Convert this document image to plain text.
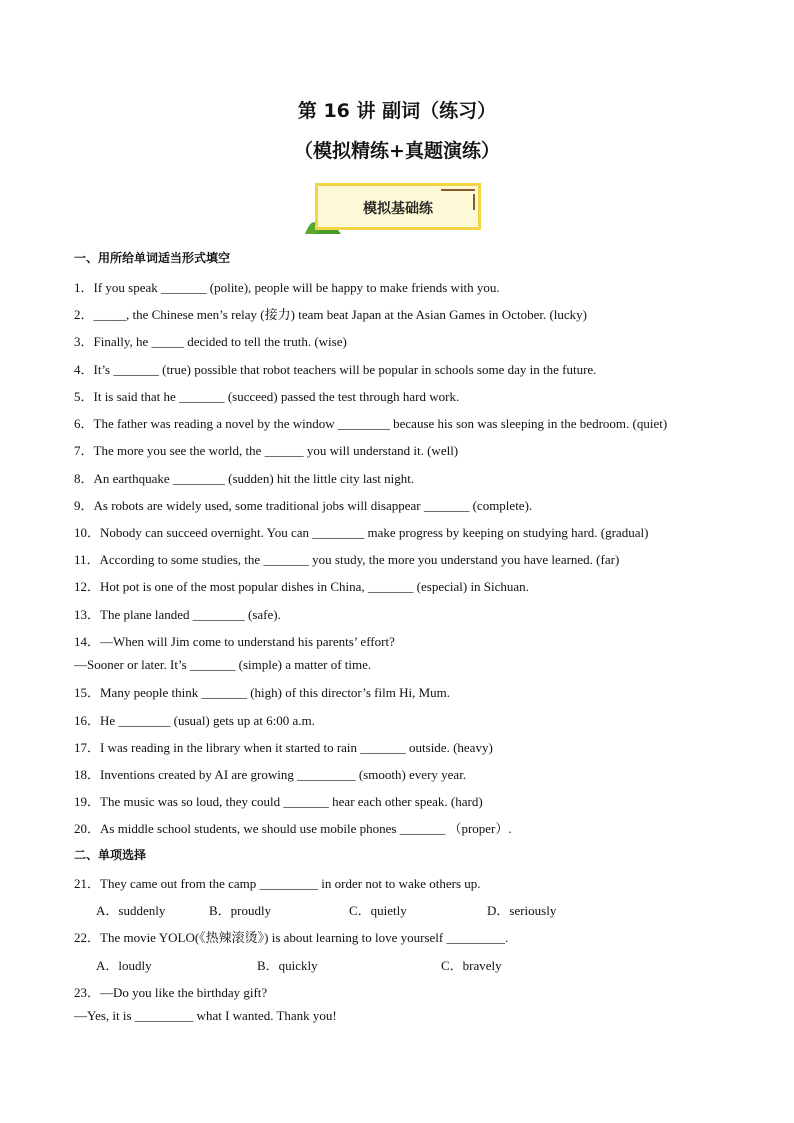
第 16 讲 副词（练习）
（模拟精练+真题演练）
模拟基础练
一、用所给单词适当形式填空
1．If you speak _______ (polite), people will be happy to make friends with you.
2．_____, the Chinese men’s relay (接力) team beat Japan at the Asian Games in October. (lucky)
3．Finally, he _____ decided to tell the truth. (wise)
4．It’s _______ (true) possible that robot teachers will be popular in schools some day in the future.
5．It is said that he _______ (succeed) passed the test through hard work.
6．The father was reading a novel by the window ________ because his son was sleeping in the bedroom. (quiet)
7．The more you see the world, the ______ you will understand it. (well)
8．An earthquake ________ (sudden) hit the little city last night.
9．As robots are widely used, some traditional jobs will disappear _______ (complete).
10．Nobody can succeed overnight. You can ________ make progress by keeping on studying hard. (gradual)
11．According to some studies, the _______ you study, the more you understand you have learned. (far)
12．Hot pot is one of the most popular dishes in China, _______ (especial) in Sichuan.
13．The plane landed ________ (safe).
14．—When will Jim come to understand his parents’ effort?
—Sooner or later. It’s _______ (simple) a matter of time.
15．Many people think _______ (high) of this director’s film Hi, Mum.
16．He ________ (usual) gets up at 6:00 a.m.
17．I was reading in the library when it started to rain _______ outside. (heavy)
18．Inventions created by AI are growing _________ (smooth) every year.
19．The music was so loud, they could _______ hear each other speak. (hard)
20．As middle school students, we should use mobile phones _______ （proper）.
二、单项选择
21．They came out from the camp _________ in order not to wake others up.
A．suddenly	B．proudly	C．quietly	D．seriously
22．The movie YOLO(《热辣滚烫》) is about learning to love yourself _________.
A．loudly	B．quickly	C．bravely
23．—Do you like the birthday gift?
—Yes, it is _________ what I wanted. Thank you!
